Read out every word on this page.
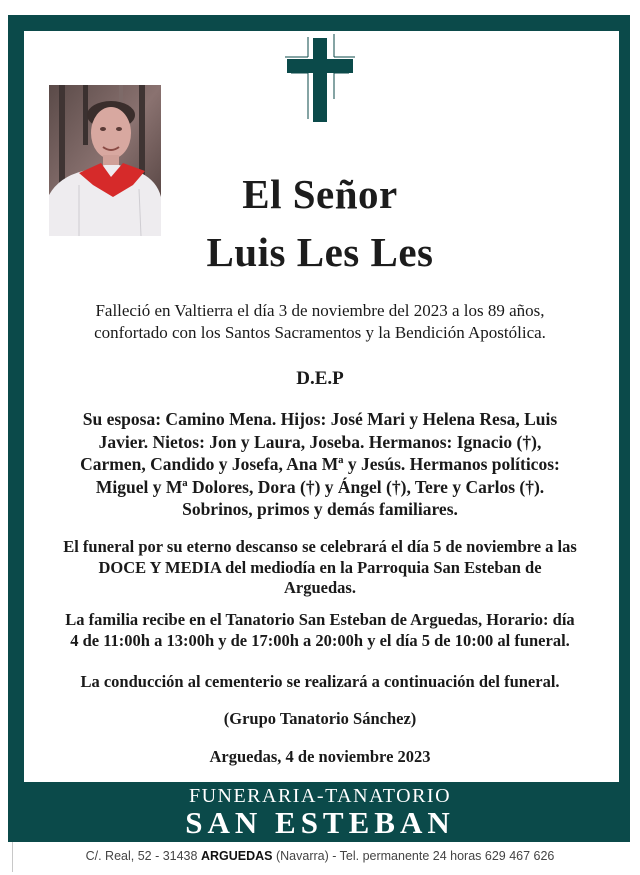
El Señor
Luis Les Les
Falleció en Valtierra el día 3 de noviembre del 2023 a los 89 años,
confortado con los Santos Sacramentos y la Bendición Apostólica.
D.E.P
Su esposa: Camino Mena. Hijos: José Mari y Helena Resa, Luis
Javier. Nietos: Jon y Laura, Joseba. Hermanos: Ignacio (†),
Carmen, Candido y Josefa, Ana Mª y Jesús. Hermanos políticos:
Miguel y Mª Dolores, Dora (†) y Ángel (†), Tere y Carlos (†).
Sobrinos, primos y demás familiares.
El funeral por su eterno descanso se celebrará el día 5 de noviembre a las
DOCE Y MEDIA del mediodía en la Parroquia San Esteban de
Arguedas.
La familia recibe en el Tanatorio San Esteban de Arguedas, Horario: día
4 de 11:00h a 13:00h y de 17:00h a 20:00h y el día 5 de 10:00 al funeral.
La conducción al cementerio se realizará a continuación del funeral.
(Grupo Tanatorio Sánchez)
Arguedas, 4 de noviembre 2023
FUNERARIA-TANATORIO
SAN ESTEBAN
C/. Real, 52 - 31438 ARGUEDAS (Navarra) - Tel. permanente 24 horas 629 467 626
